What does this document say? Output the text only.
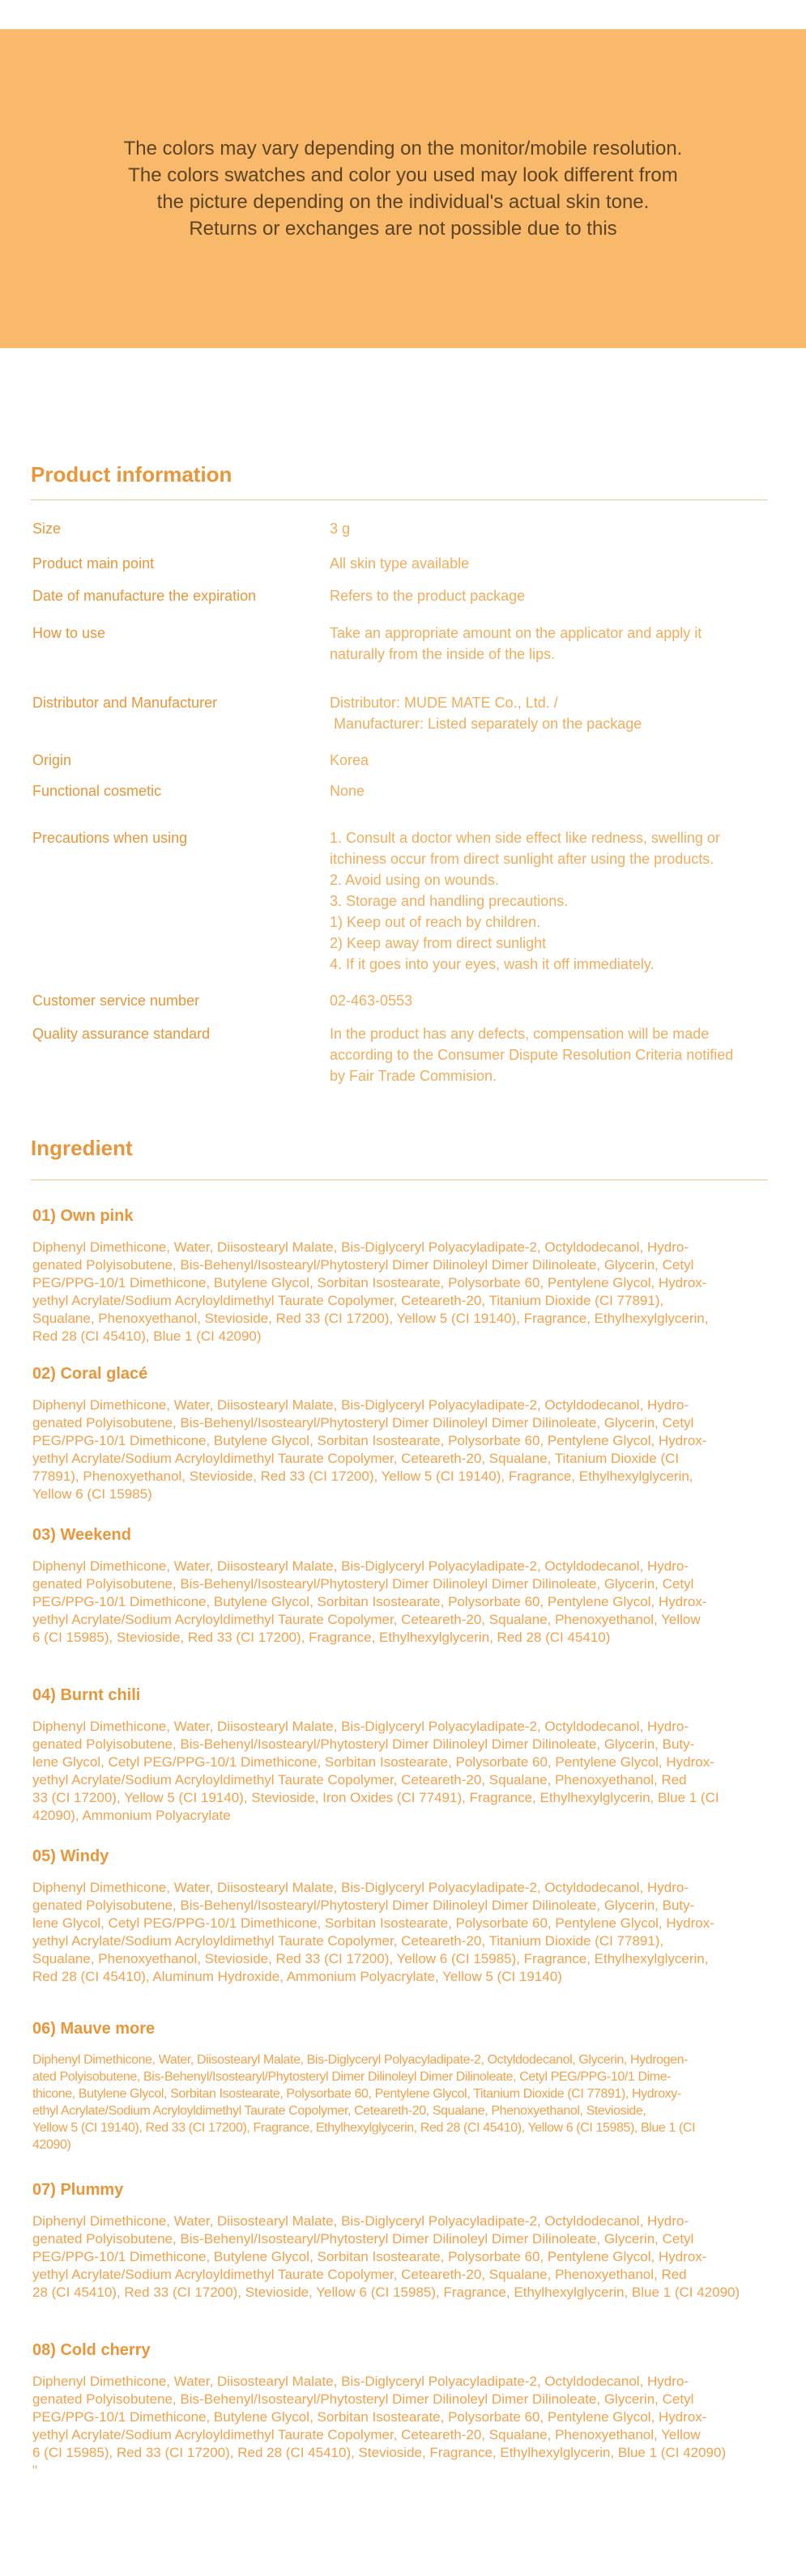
The colors may vary depending on the monitor/mobile resolution.
The colors swatches and color you used may look different from
the picture depending on the individual's actual skin tone.
Returns or exchanges are not possible due to this
Product information
Size	3 g
Product main point	All skin type available
Date of manufacture the expiration	Refers to the product package
How to use	Take an appropriate amount on the applicator and apply it
naturally from the inside of the lips.
Distributor and Manufacturer	Distributor: MUDE MATE Co., Ltd. /
Manufacturer: Listed separately on the package
Origin	Korea
Functional cosmetic	None
Precautions when using	1. Consult a doctor when side effect like redness, swelling or
itchiness occur from direct sunlight after using the products.
2. Avoid using on wounds.
3. Storage and handling precautions.
1) Keep out of reach by children.
2) Keep away from direct sunlight
4. If it goes into your eyes, wash it off immediately.
Customer service number	02-463-0553
Quality assurance standard	In the product has any defects, compensation will be made
according to the Consumer Dispute Resolution Criteria notified
by Fair Trade Commision.
Ingredient
01) Own pink
Diphenyl Dimethicone, Water, Diisostearyl Malate, Bis-Diglyceryl Polyacyladipate-2, Octyldodecanol, Hydro-
genated Polyisobutene, Bis-Behenyl/Isostearyl/Phytosteryl Dimer Dilinoleyl Dimer Dilinoleate, Glycerin, Cetyl
PEG/PPG-10/1 Dimethicone, Butylene Glycol, Sorbitan Isostearate, Polysorbate 60, Pentylene Glycol, Hydrox-
yethyl Acrylate/Sodium Acryloyldimethyl Taurate Copolymer, Ceteareth-20, Titanium Dioxide (CI 77891),
Squalane, Phenoxyethanol, Stevioside, Red 33 (CI 17200), Yellow 5 (CI 19140), Fragrance, Ethylhexylglycerin,
Red 28 (CI 45410), Blue 1 (CI 42090)
02) Coral glacé
Diphenyl Dimethicone, Water, Diisostearyl Malate, Bis-Diglyceryl Polyacyladipate-2, Octyldodecanol, Hydro-
genated Polyisobutene, Bis-Behenyl/Isostearyl/Phytosteryl Dimer Dilinoleyl Dimer Dilinoleate, Glycerin, Cetyl
PEG/PPG-10/1 Dimethicone, Butylene Glycol, Sorbitan Isostearate, Polysorbate 60, Pentylene Glycol, Hydrox-
yethyl Acrylate/Sodium Acryloyldimethyl Taurate Copolymer, Ceteareth-20, Squalane, Titanium Dioxide (CI
77891), Phenoxyethanol, Stevioside, Red 33 (CI 17200), Yellow 5 (CI 19140), Fragrance, Ethylhexylglycerin,
Yellow 6 (CI 15985)
03) Weekend
Diphenyl Dimethicone, Water, Diisostearyl Malate, Bis-Diglyceryl Polyacyladipate-2, Octyldodecanol, Hydro-
genated Polyisobutene, Bis-Behenyl/Isostearyl/Phytosteryl Dimer Dilinoleyl Dimer Dilinoleate, Glycerin, Cetyl
PEG/PPG-10/1 Dimethicone, Butylene Glycol, Sorbitan Isostearate, Polysorbate 60, Pentylene Glycol, Hydrox-
yethyl Acrylate/Sodium Acryloyldimethyl Taurate Copolymer, Ceteareth-20, Squalane, Phenoxyethanol, Yellow
6 (CI 15985), Stevioside, Red 33 (CI 17200), Fragrance, Ethylhexylglycerin, Red 28 (CI 45410)
04) Burnt chili
Diphenyl Dimethicone, Water, Diisostearyl Malate, Bis-Diglyceryl Polyacyladipate-2, Octyldodecanol, Hydro-
genated Polyisobutene, Bis-Behenyl/Isostearyl/Phytosteryl Dimer Dilinoleyl Dimer Dilinoleate, Glycerin, Buty-
lene Glycol, Cetyl PEG/PPG-10/1 Dimethicone, Sorbitan Isostearate, Polysorbate 60, Pentylene Glycol, Hydrox-
yethyl Acrylate/Sodium Acryloyldimethyl Taurate Copolymer, Ceteareth-20, Squalane, Phenoxyethanol, Red
33 (CI 17200), Yellow 5 (CI 19140), Stevioside, Iron Oxides (CI 77491), Fragrance, Ethylhexylglycerin, Blue 1 (CI
42090), Ammonium Polyacrylate
05) Windy
Diphenyl Dimethicone, Water, Diisostearyl Malate, Bis-Diglyceryl Polyacyladipate-2, Octyldodecanol, Hydro-
genated Polyisobutene, Bis-Behenyl/Isostearyl/Phytosteryl Dimer Dilinoleyl Dimer Dilinoleate, Glycerin, Buty-
lene Glycol, Cetyl PEG/PPG-10/1 Dimethicone, Sorbitan Isostearate, Polysorbate 60, Pentylene Glycol, Hydrox-
yethyl Acrylate/Sodium Acryloyldimethyl Taurate Copolymer, Ceteareth-20, Titanium Dioxide (CI 77891),
Squalane, Phenoxyethanol, Stevioside, Red 33 (CI 17200), Yellow 6 (CI 15985), Fragrance, Ethylhexylglycerin,
Red 28 (CI 45410), Aluminum Hydroxide, Ammonium Polyacrylate, Yellow 5 (CI 19140)
06) Mauve more
Diphenyl Dimethicone, Water, Diisostearyl Malate, Bis-Diglyceryl Polyacyladipate-2, Octyldodecanol, Glycerin, Hydrogen-
ated Polyisobutene, Bis-Behenyl/Isostearyl/Phytosteryl Dimer Dilinoleyl Dimer Dilinoleate, Cetyl PEG/PPG-10/1 Dime-
thicone, Butylene Glycol, Sorbitan Isostearate, Polysorbate 60, Pentylene Glycol, Titanium Dioxide (CI 77891), Hydroxy-
ethyl Acrylate/Sodium Acryloyldimethyl Taurate Copolymer, Ceteareth-20, Squalane, Phenoxyethanol, Stevioside,
Yellow 5 (CI 19140), Red 33 (CI 17200), Fragrance, Ethylhexylglycerin, Red 28 (CI 45410), Yellow 6 (CI 15985), Blue 1 (CI
42090)
07) Plummy
Diphenyl Dimethicone, Water, Diisostearyl Malate, Bis-Diglyceryl Polyacyladipate-2, Octyldodecanol, Hydro-
genated Polyisobutene, Bis-Behenyl/Isostearyl/Phytosteryl Dimer Dilinoleyl Dimer Dilinoleate, Glycerin, Cetyl
PEG/PPG-10/1 Dimethicone, Butylene Glycol, Sorbitan Isostearate, Polysorbate 60, Pentylene Glycol, Hydrox-
yethyl Acrylate/Sodium Acryloyldimethyl Taurate Copolymer, Ceteareth-20, Squalane, Phenoxyethanol, Red
28 (CI 45410), Red 33 (CI 17200), Stevioside, Yellow 6 (CI 15985), Fragrance, Ethylhexylglycerin, Blue 1 (CI 42090)
08) Cold cherry
Diphenyl Dimethicone, Water, Diisostearyl Malate, Bis-Diglyceryl Polyacyladipate-2, Octyldodecanol, Hydro-
genated Polyisobutene, Bis-Behenyl/Isostearyl/Phytosteryl Dimer Dilinoleyl Dimer Dilinoleate, Glycerin, Cetyl
PEG/PPG-10/1 Dimethicone, Butylene Glycol, Sorbitan Isostearate, Polysorbate 60, Pentylene Glycol, Hydrox-
yethyl Acrylate/Sodium Acryloyldimethyl Taurate Copolymer, Ceteareth-20, Squalane, Phenoxyethanol, Yellow
6 (CI 15985), Red 33 (CI 17200), Red 28 (CI 45410), Stevioside, Fragrance, Ethylhexylglycerin, Blue 1 (CI 42090)
"
